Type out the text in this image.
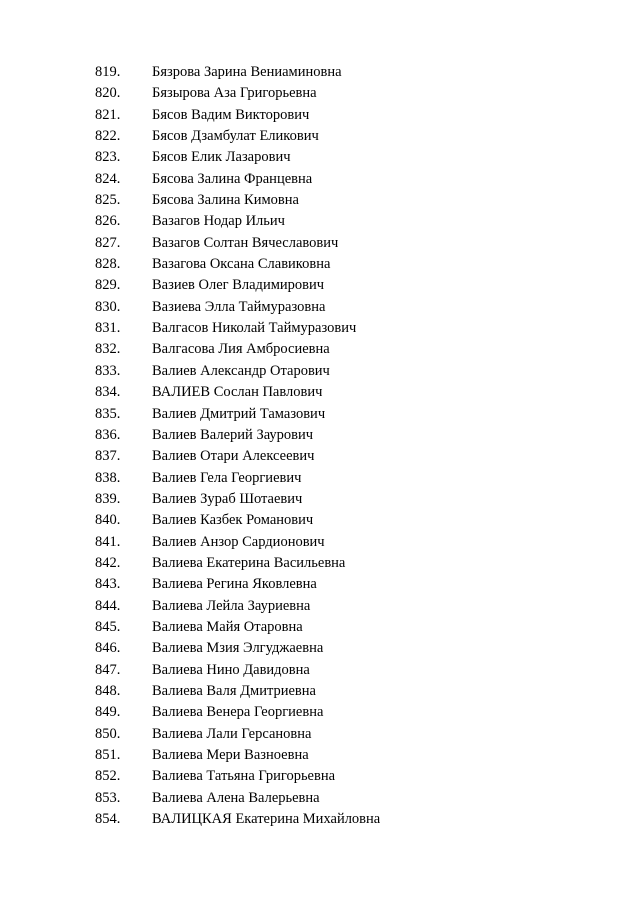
819. Бязрова Зарина Вениаминовна
820. Бязырова Аза Григорьевна
821. Бясов Вадим Викторович
822. Бясов Дзамбулат Еликович
823. Бясов Елик Лазарович
824. Бясова Залина Францевна
825. Бясова Залина Кимовна
826. Вазагов Нодар Ильич
827. Вазагов Солтан Вячеславович
828. Вазагова Оксана Славиковна
829. Вазиев Олег Владимирович
830. Вазиева Элла Таймуразовна
831. Валгасов Николай Таймуразович
832. Валгасова Лия Амбросиевна
833. Валиев Александр Отарович
834. ВАЛИЕВ Сослан Павлович
835. Валиев Дмитрий Тамазович
836. Валиев Валерий Заурович
837. Валиев Отари Алексеевич
838. Валиев Гела Георгиевич
839. Валиев Зураб Шотаевич
840. Валиев Казбек Романович
841. Валиев Анзор Сардионович
842. Валиева Екатерина Васильевна
843. Валиева Регина Яковлевна
844. Валиева Лейла Зауриевна
845. Валиева Майя Отаровна
846. Валиева Мзия Элгуджаевна
847. Валиева Нино Давидовна
848. Валиева Валя Дмитриевна
849. Валиева Венера Георгиевна
850. Валиева Лали Герсановна
851. Валиева Мери Вазноевна
852. Валиева Татьяна Григорьевна
853. Валиева Алена Валерьевна
854. ВАЛИЦКАЯ Екатерина Михайловна
